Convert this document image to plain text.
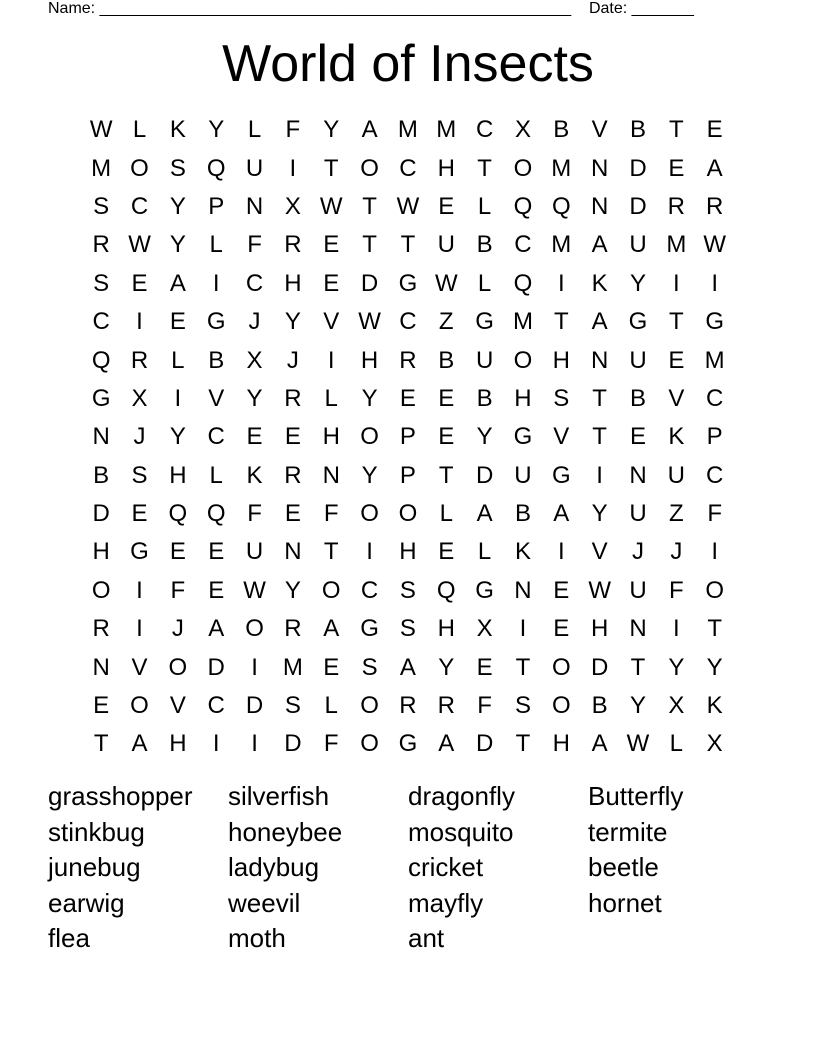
Name: _____________________________________________________    Date: _______
World of Insects
W L K Y L	F Y A M M C X B V B T E
M O S Q U	I	T O C H T O M N D E A
S C Y P N X W T W E L Q Q N D R R
R W Y L	F R E T T U B C M A U M W
S E A	I	C H E D G W L Q	I	K Y	I	I
C	I	E G J	Y V W C Z G M T A G T G
Q R L B X	J	I	H R B U O H N U E M
G X	I	V Y R L Y E E B H S T B V C
N J	Y C E E H O P E Y G V T E K P
B S H L K R N Y P T D U G	I	N U C
D E Q Q F E F O O L A B A Y U Z F
H G E E U N T	I	H E L K	I	V	J	J	I
O	I	F E W Y O C S Q G N E W U F O
R	I	J	A O R A G S H X	I	E H N	I	T
N V O D	I	M E S A Y E T O D T Y Y
E O V C D S L O R R F S O B Y X K
T A H	I	I	D F O G A D T H A W L X
grasshopper	silverfish	dragonfly	Butterfly
stinkbug	honeybee	mosquito	termite
junebug	ladybug	cricket	beetle
earwig	weevil	mayfly	hornet
flea	moth	ant
